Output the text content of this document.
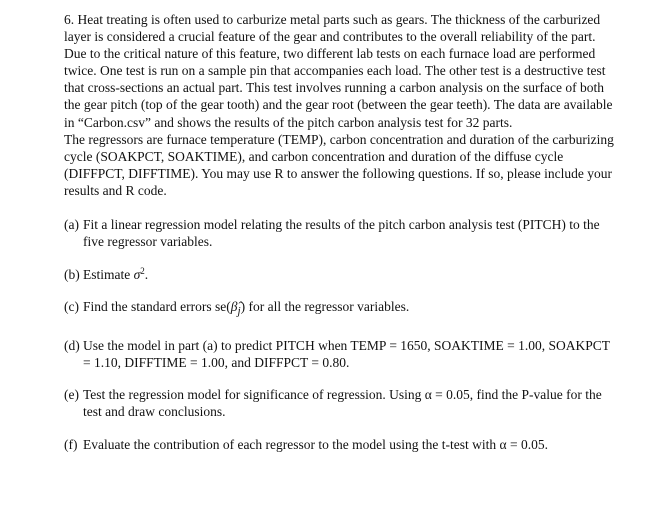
6. Heat treating is often used to carburize metal parts such as gears. The thickness of the carburized layer is considered a crucial feature of the gear and contributes to the overall reliability of the part. Due to the critical nature of this feature, two different lab tests on each furnace load are performed twice. One test is run on a sample pin that accompanies each load. The other test is a destructive test that cross-sections an actual part. This test involves running a carbon analysis on the surface of both the gear pitch (top of the gear tooth) and the gear root (between the gear teeth). The data are available in “Carbon.csv” and shows the results of the pitch carbon analysis test for 32 parts.

The regressors are furnace temperature (TEMP), carbon concentration and duration of the carburizing cycle (SOAKPCT, SOAKTIME), and carbon concentration and duration of the diffuse cycle (DIFFPCT, DIFFTIME). You may use R to answer the following questions. If so, please include your results and R code.

(a) Fit a linear regression model relating the results of the pitch carbon analysis test (PITCH) to the five regressor variables.
(b) Estimate $\sigma^2$.
(c) Find the standard errors $se(\betâ_j)$ for all the regressor variables.
(d) Use the model in part (a) to predict PITCH when TEMP = 1650, SOAKTIME = 1.00, SOAKPCT = 1.10, DIFFTIME = 1.00, and DIFFPCT = 0.80.
(e) Test the regression model for significance of regression. Using α = 0.05, find the P-value for the test and draw conclusions.
(f) Evaluate the contribution of each regressor to the model using the t-test with α = 0.05.
